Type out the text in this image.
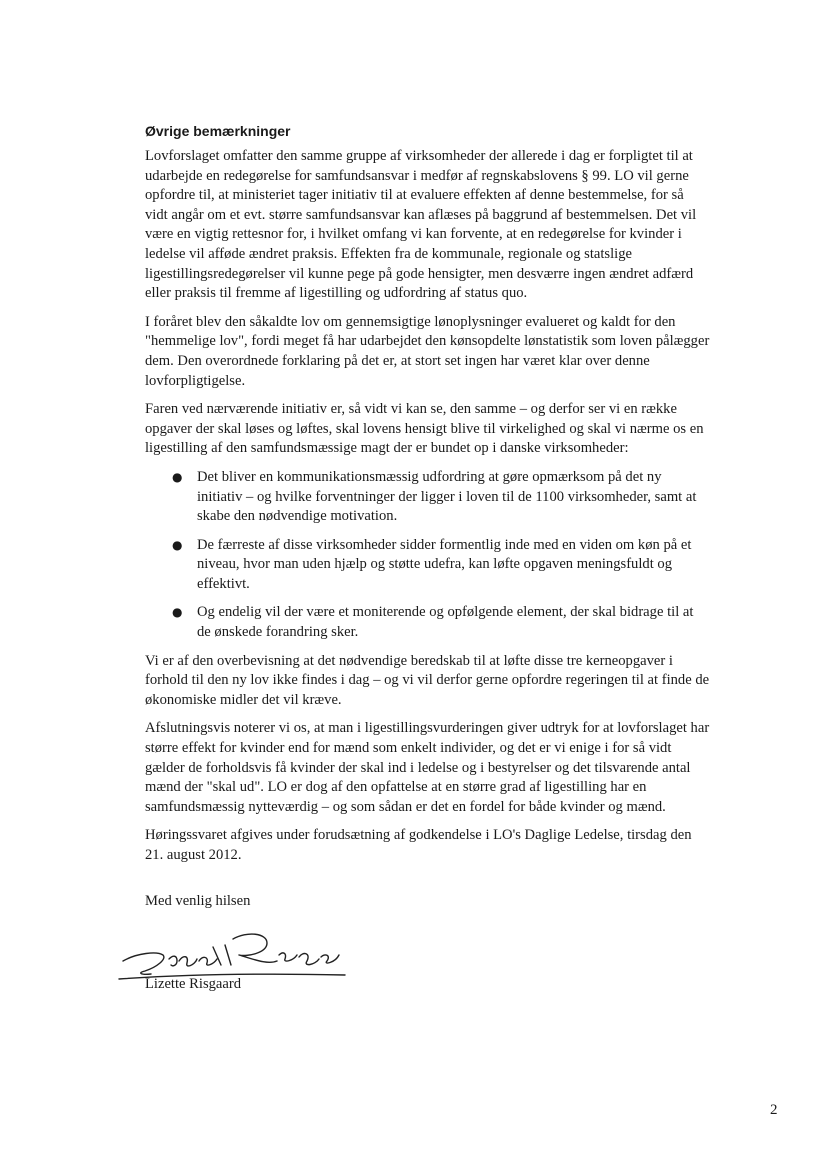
Øvrige bemærkninger

Lovforslaget omfatter den samme gruppe af virksomheder der allerede i dag er forpligtet til at udarbejde en redegørelse for samfundsansvar i medfør af regnskabslovens § 99. LO vil gerne opfordre til, at ministeriet tager initiativ til at evaluere effekten af denne bestemmelse, for så vidt angår om et evt. større samfundsansvar kan aflæses på baggrund af bestemmelsen. Det vil være en vigtig rettesnor for, i hvilket omfang vi kan forvente, at en redegørelse for kvinder i ledelse vil afføde ændret praksis. Effekten fra de kommunale, regionale og statslige ligestillingsredegørelser vil kunne pege på gode hensigter, men desværre ingen ændret adfærd eller praksis til fremme af ligestilling og udfordring af status quo.

I foråret blev den såkaldte lov om gennemsigtige lønoplysninger evalueret og kaldt for den "hemmelige lov", fordi meget få har udarbejdet den kønsopdelte lønstatistik som loven pålægger dem. Den overordnede forklaring på det er, at stort set ingen har været klar over denne lovforpligtigelse.

Faren ved nærværende initiativ er, så vidt vi kan se, den samme – og derfor ser vi en række opgaver der skal løses og løftes, skal lovens hensigt blive til virkelighed og skal vi nærme os en ligestilling af den samfundsmæssige magt der er bundet op i danske virksomheder:

● Det bliver en kommunikationsmæssig udfordring at gøre opmærksom på det ny initiativ – og hvilke forventninger der ligger i loven til de 1100 virksomheder, samt at skabe den nødvendige motivation.
● De færreste af disse virksomheder sidder formentlig inde med en viden om køn på et niveau, hvor man uden hjælp og støtte udefra, kan løfte opgaven meningsfuldt og effektivt.
● Og endelig vil der være et moniterende og opfølgende element, der skal bidrage til at de ønskede forandring sker.

Vi er af den overbevisning at det nødvendige beredskab til at løfte disse tre kerneopgaver i forhold til den ny lov ikke findes i dag – og vi vil derfor gerne opfordre regeringen til at finde de økonomiske midler det vil kræve.

Afslutningsvis noterer vi os, at man i ligestillingsvurderingen giver udtryk for at lovforslaget har større effekt for kvinder end for mænd som enkelt individer, og det er vi enige i for så vidt gælder de forholdsvis få kvinder der skal ind i ledelse og i bestyrelser og det tilsvarende antal mænd der "skal ud". LO er dog af den opfattelse at en større grad af ligestilling har en samfundsmæssig nytteværdig – og som sådan er det en fordel for både kvinder og mænd.

Høringssvaret afgives under forudsætning af godkendelse i LO's Daglige Ledelse, tirsdag den 21. august 2012.

Med venlig hilsen
Lizette Risgaard
2
